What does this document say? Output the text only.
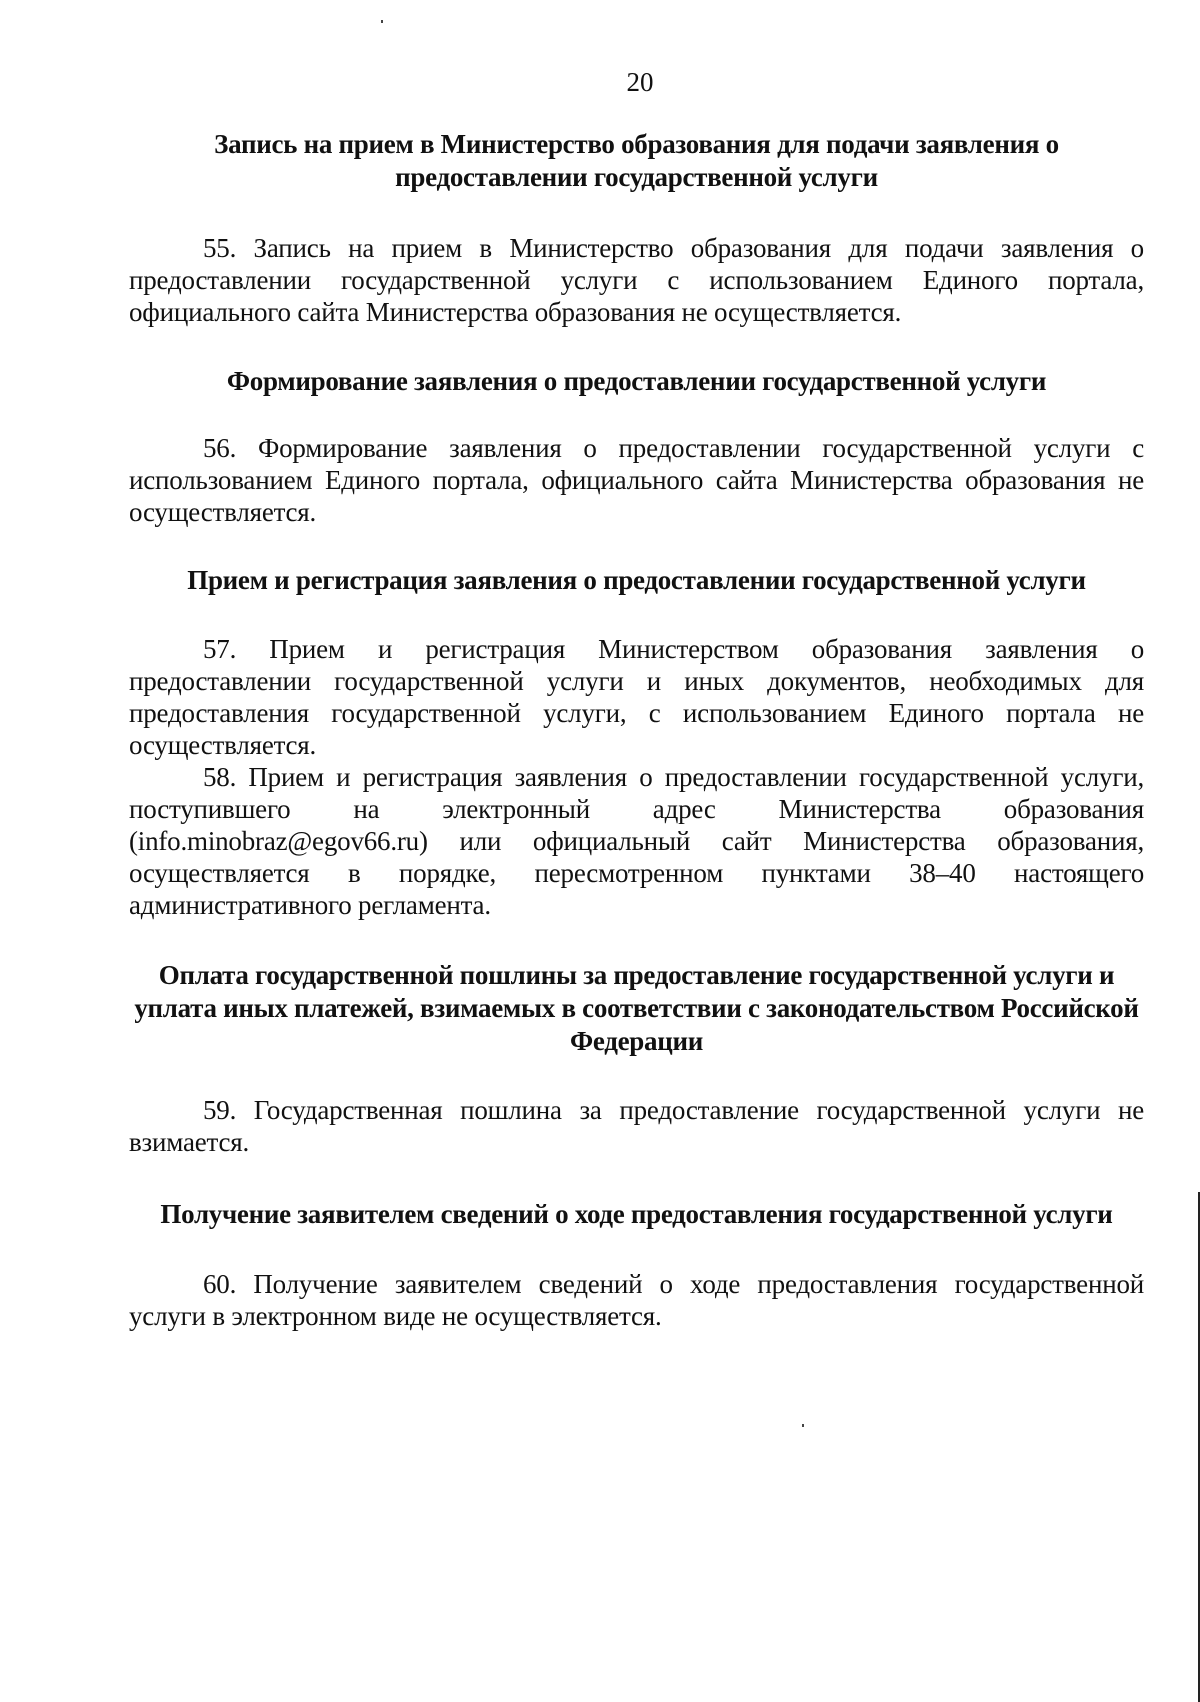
20

Запись на прием в Министерство образования для подачи заявления о предоставлении государственной услуги

55. Запись на прием в Министерство образования для подачи заявления о предоставлении государственной услуги с использованием Единого портала, официального сайта Министерства образования не осуществляется.

Формирование заявления о предоставлении государственной услуги

56. Формирование заявления о предоставлении государственной услуги с использованием Единого портала, официального сайта Министерства образования не осуществляется.

Прием и регистрация заявления о предоставлении государственной услуги

57. Прием и регистрация Министерством образования заявления о предоставлении государственной услуги и иных документов, необходимых для предоставления государственной услуги, с использованием Единого портала не осуществляется.

58. Прием и регистрация заявления о предоставлении государственной услуги, поступившего на электронный адрес Министерства образования (info.minobraz@egov66.ru) или официальный сайт Министерства образования, осуществляется в порядке, пересмотренном пунктами 38–40 настоящего административного регламента.

Оплата государственной пошлины за предоставление государственной услуги и уплата иных платежей, взимаемых в соответствии с законодательством Российской Федерации

59. Государственная пошлина за предоставление государственной услуги не взимается.

Получение заявителем сведений о ходе предоставления государственной услуги

60. Получение заявителем сведений о ходе предоставления государственной услуги в электронном виде не осуществляется.
